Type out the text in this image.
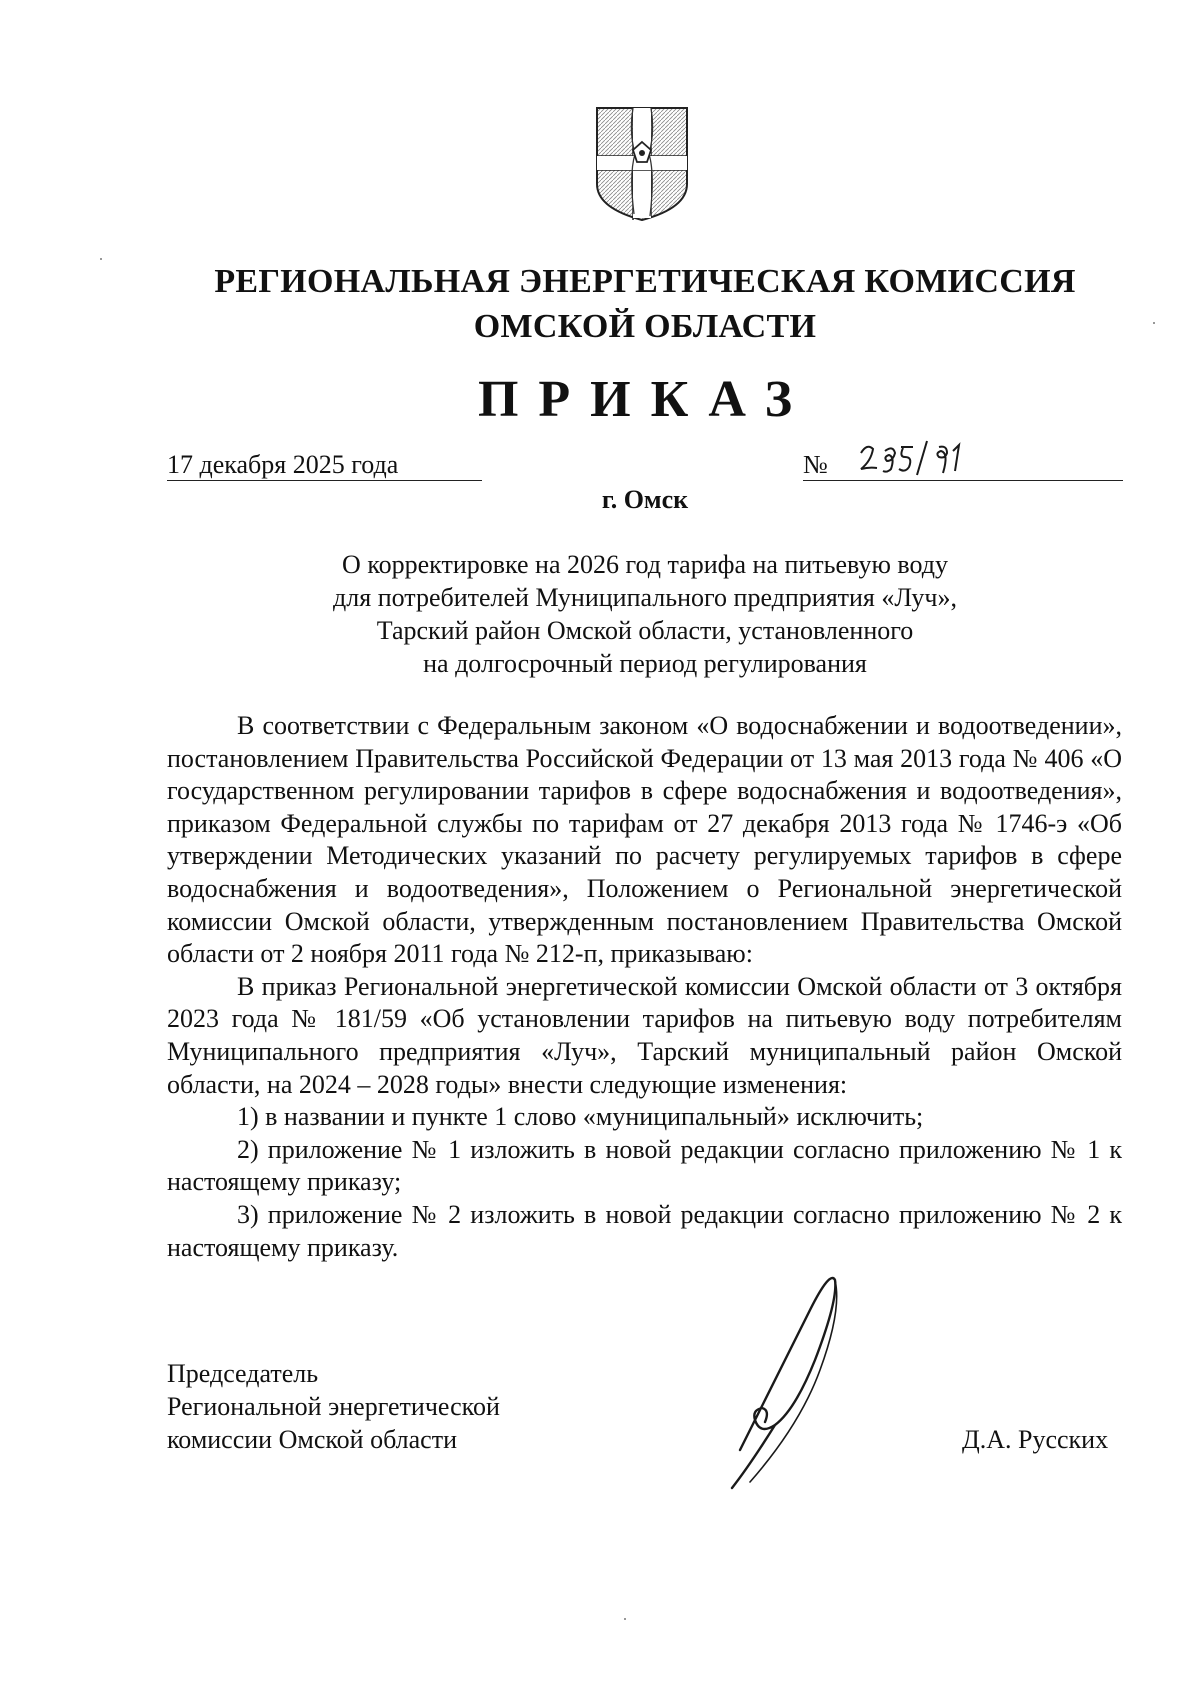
РЕГИОНАЛЬНАЯ ЭНЕРГЕТИЧЕСКАЯ КОМИССИЯ
ОМСКОЙ ОБЛАСТИ
ПРИКАЗ
17 декабря 2025 года	№
г. Омск
О корректировке на 2026 год тарифа на питьевую воду
для потребителей Муниципального предприятия «Луч»,
Тарский район Омской области, установленного
на долгосрочный период регулирования

В соответствии с Федеральным законом «О водоснабжении и водоотведении», постановлением Правительства Российской Федерации от 13 мая 2013 года № 406 «О государственном регулировании тарифов в сфере водоснабжения и водоотведения», приказом Федеральной службы по тарифам от 27 декабря 2013 года № 1746-э «Об утверждении Методических указаний по расчету регулируемых тарифов в сфере водоснабжения и водоотведения», Положением о Региональной энергетической комиссии Омской области, утвержденным постановлением Правительства Омской области от 2 ноября 2011 года № 212-п, приказываю:

В приказ Региональной энергетической комиссии Омской области от 3 октября 2023 года № 181/59 «Об установлении тарифов на питьевую воду потребителям Муниципального предприятия «Луч», Тарский муниципальный район Омской области, на 2024 – 2028 годы» внести следующие изменения:

1) в названии и пункте 1 слово «муниципальный» исключить;

2) приложение № 1 изложить в новой редакции согласно приложению № 1 к настоящему приказу;

3) приложение № 2 изложить в новой редакции согласно приложению № 2 к настоящему приказу.

Председатель
Региональной энергетической
комиссии Омской области	Д.А. Русских
